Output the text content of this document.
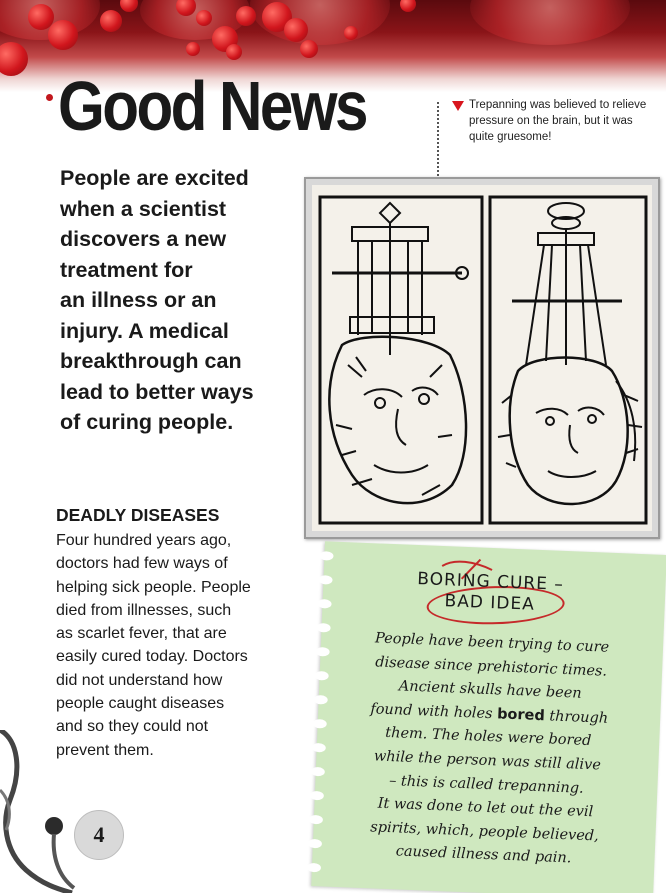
Good News	Trepanning was believed to relieve pressure on the brain, but it was quite gruesome!
People are excited
when a scientist
discovers a new
treatment for
an illness or an
injury. A medical
breakthrough can
lead to better ways
of curing people.
DEADLY DISEASES
Four hundred years ago,
doctors had few ways of
helping sick people. People
died from illnesses, such
as scarlet fever, that are
easily cured today. Doctors
did not understand how
people caught diseases
and so they could not
prevent them.
BORING CURE –
BAD IDEA
People have been trying to cure
disease since prehistoric times.
Ancient skulls have been
found with holes bored through
them. The holes were bored
while the person was still alive
– this is called trepanning.
It was done to let out the evil
spirits, which, people believed,
caused illness and pain.
4
